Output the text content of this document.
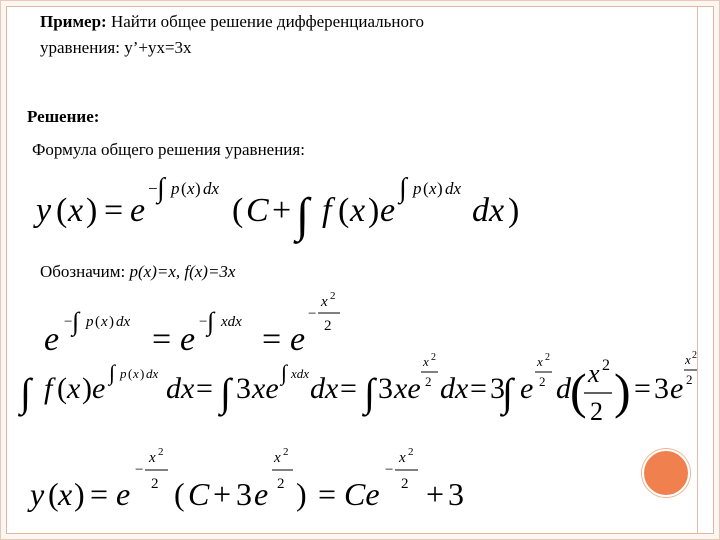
Пример: Найти общее решение дифференциального
уравнения: y’+yx=3x
Решение:
Формула общего решения уравнения:
Обозначим: p(x)=x, f(x)=3x
y ( x ) = e
− ∫ p ( x ) dx
( C + ∫ f ( x ) e
∫ p ( x ) dx
dx )
e − ∫ p ( x ) dx = e − ∫ xdx = e
−
x 2
2
∫ f ( x ) e ∫ p ( x ) dx dx = ∫ 3 xe ∫ xdx dx = ∫ 3 xe
x 2
2 dx = 3
∫ e
x 2
2 d ( x 2
2 ) = 3 e
x 2
2
y ( x ) = e
−
x 2
2 ( C + 3 e
x 2
2 ) = Ce
−
x 2
2 + 3
